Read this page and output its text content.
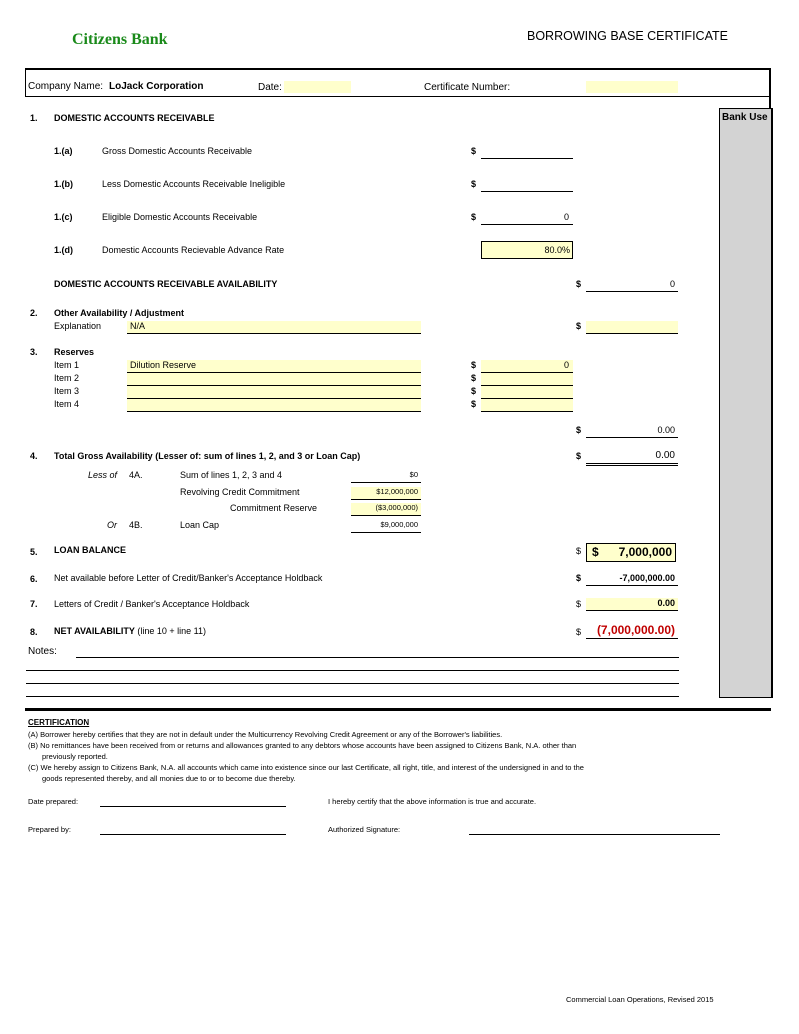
Citizens Bank	BORROWING BASE CERTIFICATE
Company Name: LoJack Corporation	Date:	Certificate Number:
Bank Use
1. DOMESTIC ACCOUNTS RECEIVABLE
1.(a)	Gross Domestic Accounts Receivable	$
1.(b)	Less Domestic Accounts Receivable Ineligible	$
1.(c)	Eligible Domestic Accounts Receivable	$	0
1.(d)	Domestic Accounts Recievable Advance Rate	80.0%
DOMESTIC ACCOUNTS RECEIVABLE AVAILABILITY	$	0
2. Other Availability / Adjustment
Explanation	N/A	$
3. Reserves
Item 1	Dilution Reserve	$	0
Item 2	$
Item 3	$
Item 4	$
$	0.00
4. Total Gross Availability (Lesser of: sum of lines 1, 2, and 3 or Loan Cap)	$	0.00
Less of 4A.	Sum of lines 1, 2, 3 and 4	$0
Revolving Credit Commitment	$12,000,000
Commitment Reserve	($3,000,000)
Or 4B.	Loan Cap	$9,000,000
5. LOAN BALANCE	$ $ 7,000,000
6. Net available before Letter of Credit/Banker's Acceptance Holdback	$	-7,000,000.00
7. Letters of Credit / Banker's Acceptance Holdback	$	0.00
8. NET AVAILABILITY (line 10 + line 11)	$	(7,000,000.00)
Notes:
CERTIFICATION
(A) Borrower hereby certifies that they are not in default under the Multicurrency Revolving Credit Agreement or any of the Borrower's liabilities.
(B) No remittances have been received from or returns and allowances granted to any debtors whose accounts have been assigned to Citizens Bank, N.A. other than
previously reported.
(C) We hereby assign to Citizens Bank, N.A. all accounts which came into existence since our last Certificate, all right, title, and interest of the undersigned in and to the
goods represented thereby, and all monies due to or to become due thereby.
Date prepared:	I hereby certify that the above information is true and accurate.
Prepared by:	Authorized Signature:
Commercial Loan Operations, Revised 2015
